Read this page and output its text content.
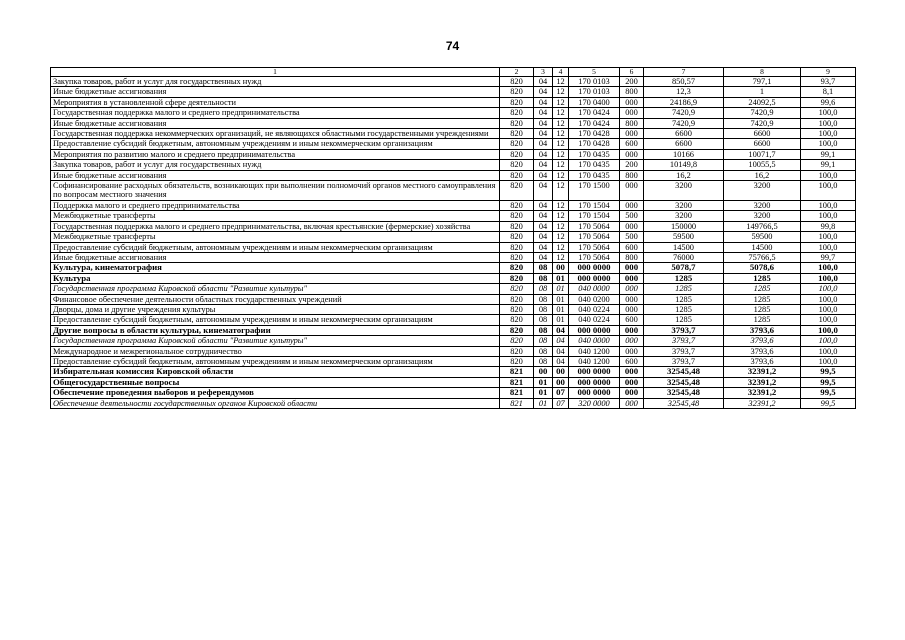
74
1	2	3	4	5	6	7	8	9
Закупка товаров, работ и услуг для государственных нужд	820	04	12	170 0103	200	850,57	797,1	93,7
Иные бюджетные ассигнования	820	04	12	170 0103	800	12,3	1	8,1
Мероприятия в установленной сфере деятельности	820	04	12	170 0400	000	24186,9	24092,5	99,6
Государственная поддержка малого и среднего предпринимательства	820	04	12	170 0424	000	7420,9	7420,9	100,0
Иные бюджетные ассигнования	820	04	12	170 0424	800	7420,9	7420,9	100,0
Государственная поддержка некоммерческих организаций, не являющихся областными государственными учреждениями	820	04	12	170 0428	000	6600	6600	100,0
Предоставление субсидий бюджетным, автономным учреждениям и иным некоммерческим организациям	820	04	12	170 0428	600	6600	6600	100,0
Мероприятия по развитию малого и среднего предпринимательства	820	04	12	170 0435	000	10166	10071,7	99,1
Закупка товаров, работ и услуг для государственных нужд	820	04	12	170 0435	200	10149,8	10055,5	99,1
Иные бюджетные ассигнования	820	04	12	170 0435	800	16,2	16,2	100,0
Софинансирование расходных обязательств, возникающих при выполнении полномочий органов местного самоуправления по вопросам местного значения	820	04	12	170 1500	000	3200	3200	100,0
Поддержка малого и среднего предпринимательства	820	04	12	170 1504	000	3200	3200	100,0
Межбюджетные трансферты	820	04	12	170 1504	500	3200	3200	100,0
Государственная поддержка малого и среднего предпринимательства, включая крестьянские (фермерские) хозяйства	820	04	12	170 5064	000	150000	149766,5	99,8
Межбюджетные трансферты	820	04	12	170 5064	500	59500	59500	100,0
Предоставление субсидий бюджетным, автономным учреждениям и иным некоммерческим организациям	820	04	12	170 5064	600	14500	14500	100,0
Иные бюджетные ассигнования	820	04	12	170 5064	800	76000	75766,5	99,7
Культура, кинематография	820	08	00	000 0000	000	5078,7	5078,6	100,0
Культура	820	08	01	000 0000	000	1285	1285	100,0
Государственная программа Кировской области "Развитие культуры"	820	08	01	040 0000	000	1285	1285	100,0
Финансовое обеспечение деятельности областных государственных учреждений	820	08	01	040 0200	000	1285	1285	100,0
Дворцы, дома и другие учреждения культуры	820	08	01	040 0224	000	1285	1285	100,0
Предоставление субсидий бюджетным, автономным учреждениям и иным некоммерческим организациям	820	08	01	040 0224	600	1285	1285	100,0
Другие вопросы в области культуры, кинематографии	820	08	04	000 0000	000	3793,7	3793,6	100,0
Государственная программа Кировской области "Развитие культуры"	820	08	04	040 0000	000	3793,7	3793,6	100,0
Международное и межрегиональное сотрудничество	820	08	04	040 1200	000	3793,7	3793,6	100,0
Предоставление субсидий бюджетным, автономным учреждениям и иным некоммерческим организациям	820	08	04	040 1200	600	3793,7	3793,6	100,0
Избирательная комиссия Кировской области	821	00	00	000 0000	000	32545,48	32391,2	99,5
Общегосударственные вопросы	821	01	00	000 0000	000	32545,48	32391,2	99,5
Обеспечение проведения выборов и референдумов	821	01	07	000 0000	000	32545,48	32391,2	99,5
Обеспечение деятельности государственных органов Кировской области	821	01	07	320 0000	000	32545,48	32391,2	99,5
